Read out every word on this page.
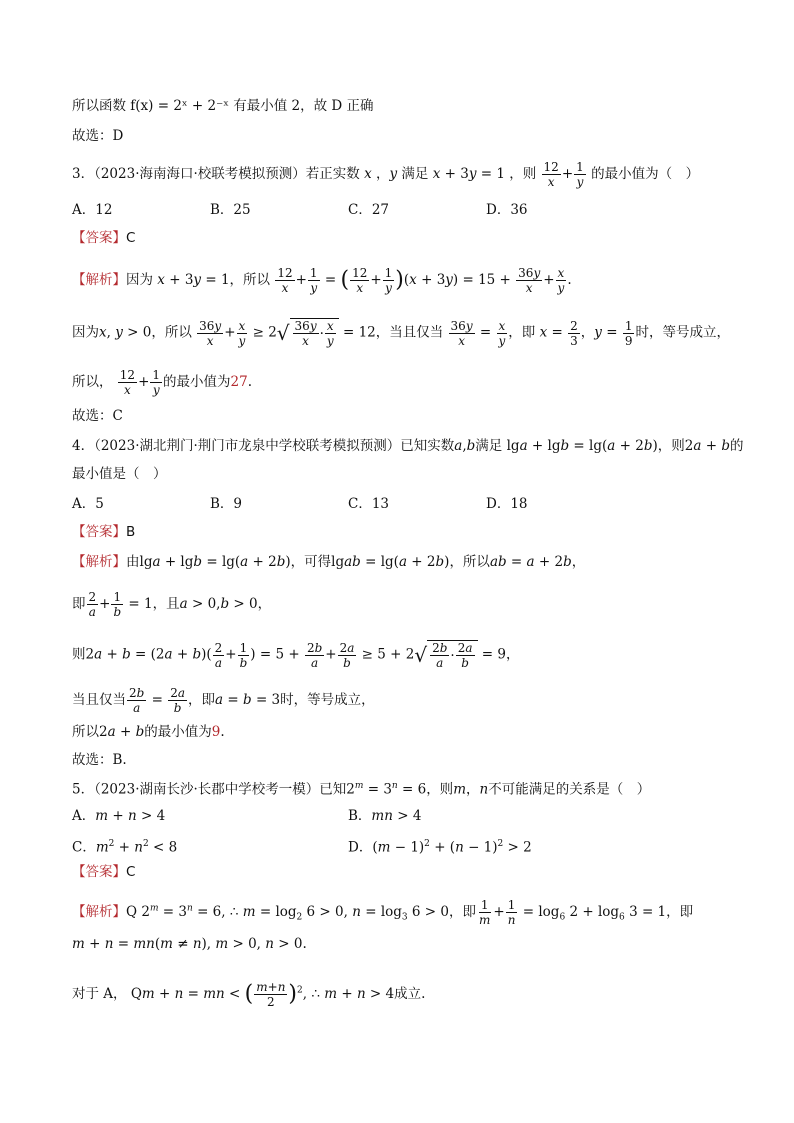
所以函数 f(x) = 2ˣ + 2⁻ˣ 有最小值 2，故 D 正确
故选：D
3．（2023·海南海口·校联考模拟预测）若正实数 x ，y 满足 x + 3y = 1 ，则 $\frac{12}{x} + \frac{1}{y}$ 的最小值为（　）
A．12	B．25	C．27	D．36
【答案】C
【解析】因为 x + 3y = 1，所以 $\frac{12}{x} + \frac{1}{y}$ = ( $\frac{12}{x} + \frac{1}{y} )(x + 3y) = 15 + \frac{36y}{x} + \frac{x}{y}$ .
因为x, y > 0，所以 $\frac{36y}{x} + \frac{x}{y} \ge 2$ √ $\frac{36y}{x} \cdot \frac{x}{y} = 12$，当且仅当 $\frac{36y}{x} = \frac{x}{y}$ ，即 $x = \frac{2}{3}$ ，$y = \frac{1}{9}$ 时，等号成立，
所以， $\frac{12}{x} + \frac{1}{y}$ 的最小值为27.
故选：C
4．（2023·湖北荆门·荆门市龙泉中学校联考模拟预测）已知实数a,b满足 lga + lgb = lg(a + 2b)，则2a + b的
最小值是（　）
A．5	B．9	C．13	D．18
【答案】B
【解析】由lga + lgb = lg(a + 2b)，可得lgab = lg(a + 2b)，所以ab = a + 2b，
即 $\frac{2}{a} + \frac{1}{b} = 1$，且a > 0,b > 0，
则$2a + b = (2a + b)( \frac{2}{a} + \frac{1}{b}$ ) = $5 + \frac{2b}{a} + \frac{2a}{b} \ge 5 + 2$ √ $\frac{2b}{a} \cdot \frac{2a}{b} = 9$，
当且仅当 $\frac{2b}{a} = \frac{2a}{b}$ ，即a = b = 3时，等号成立，
所以2a + b的最小值为9.
故选：B.
5．（2023·湖南长沙·长郡中学校考一模）已知$2^m = 3^n = 6$，则m，n不可能满足的关系是（　）
A．m + n > 4	B．mn > 4
C．$m^2 + n^2 < 8$	D．$(m - 1)^2 + (n - 1)^2 > 2$
【答案】C
【解析】Q $2^m = 3^n = 6$, ∴ $m = \log_2 6 > 0$, $n = \log_3 6 > 0$，即 $\frac{1}{m} + \frac{1}{n} = \log_6 2 + \log_6 3 = 1$，即
m + n = mn(m ≠ n), m > 0, n > 0.
对于 A， Qm + n = mn < ( $\frac{m+n}{2} )^2$, ∴ m + n > 4成立.
